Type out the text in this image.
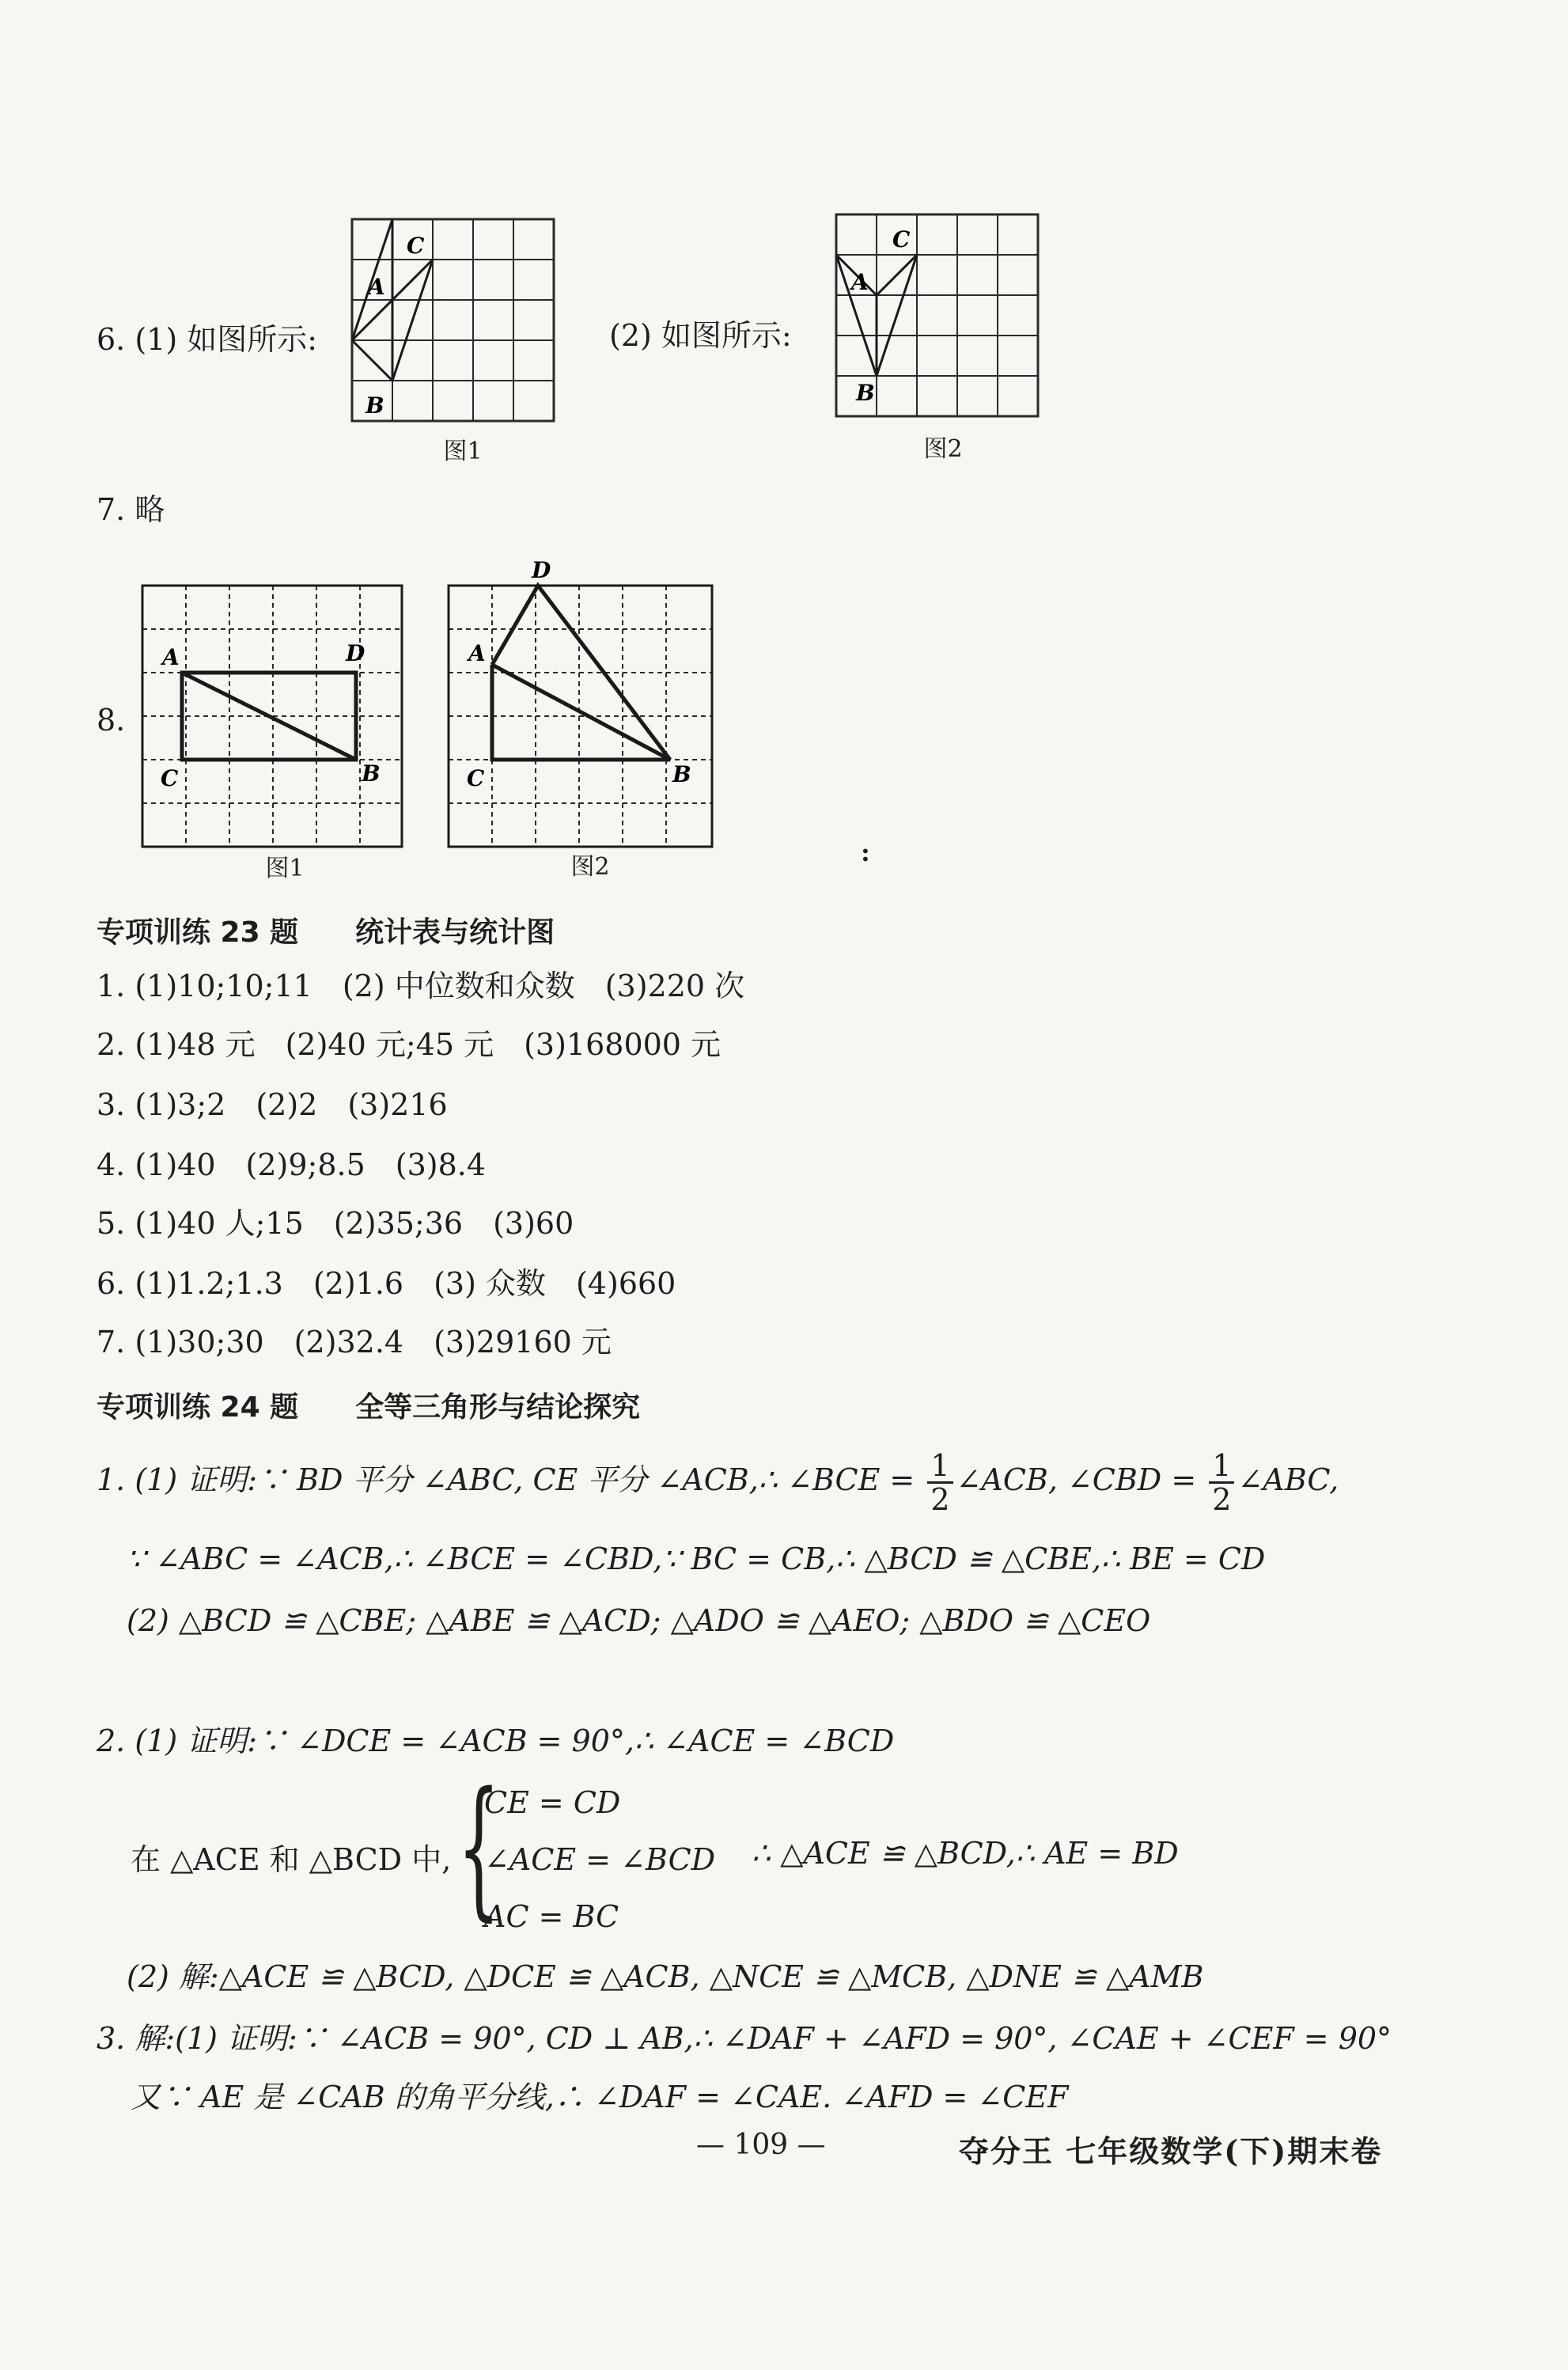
6. (1) 如图所示:
C
A
B
图1
(2) 如图所示:
C
A
B
图2
7. 略
8.
A	D
C	B
图1
D
A
C	B
图2	:
专项训练 23 题　　统计表与统计图
1. (1)10;10;11　(2) 中位数和众数　(3)220 次
2. (1)48 元　(2)40 元;45 元　(3)168000 元
3. (1)3;2　(2)2　(3)216
4. (1)40　(2)9;8.5　(3)8.4
5. (1)40 人;15　(2)35;36　(3)60
6. (1)1.2;1.3　(2)1.6　(3) 众数　(4)660
7. (1)30;30　(2)32.4　(3)29160 元
专项训练 24 题　　全等三角形与结论探究
1. (1) 证明:∵ BD 平分 ∠ABC, CE 平分 ∠ACB,∴ ∠BCE = $\frac{1}{2}$ ∠ACB, ∠CBD = $\frac{1}{2}$ ∠ABC,
∵ ∠ABC = ∠ACB,∴ ∠BCE = ∠CBD,∵ BC = CB,∴ △BCD ≌ △CBE,∴ BE = CD
(2) △BCD ≌ △CBE; △ABE ≌ △ACD; △ADO ≌ △AEO; △BDO ≌ △CEO
2. (1) 证明:∵ ∠DCE = ∠ACB = 90°,∴ ∠ACE = ∠BCD
在 △ACE 和 △BCD 中, {
CE = CD
∠ACE = ∠BCD
AC = BC
∴ △ACE ≌ △BCD,∴ AE = BD
(2) 解:△ACE ≌ △BCD, △DCE ≌ △ACB, △NCE ≌ △MCB, △DNE ≌ △AMB
3. 解:(1) 证明:∵ ∠ACB = 90°, CD ⊥ AB,∴ ∠DAF + ∠AFD = 90°, ∠CAE + ∠CEF = 90°
又∵ AE 是 ∠CAB 的角平分线,∴ ∠DAF = ∠CAE. ∠AFD = ∠CEF
— 109 —	夺分王 七年级数学(下)期末卷
